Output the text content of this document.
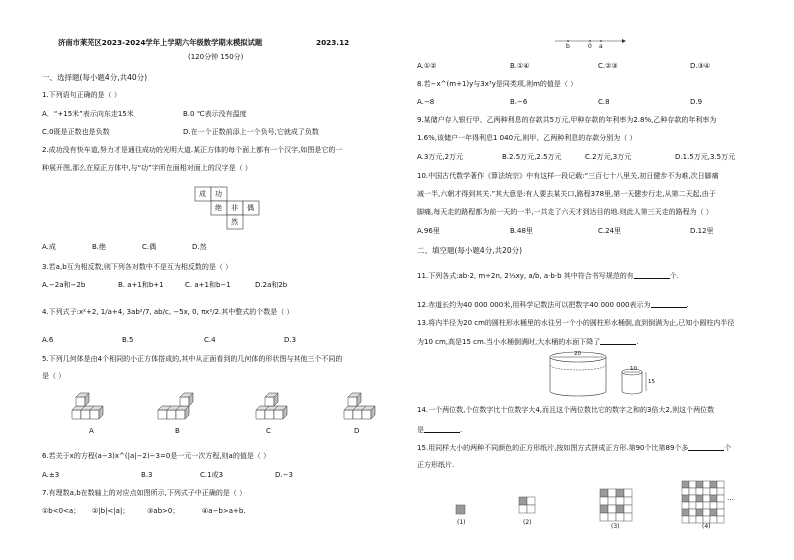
济南市莱芜区2023-2024学年上学期六年级数学期末模拟试题	2023.12
(120分钟 150分)
一、选择题(每小题4分,共40分)
1.下列语句正确的是（ ）
A．“+15米”表示向东走15米	B.0 ℃表示没有温度
C.0既是正数也是负数	D.在一个正数前添上一个负号,它就成了负数
2.成功没有快车道,努力才是通往成功的光明大道.某正方体的每个面上都有一个汉字,如图是它的一
种展开图,那么在原正方体中,与“功”字所在面相对面上的汉字是（ ）
成 功
绝 非 偶
然
A.成	B.绝	C.偶	D.然
3.若a,b互为相反数,则下列各对数中不是互为相反数的是（ ）
A.−2a和−2b	B. a+1和b+1	C. a+1和b−1	D.2a和2b
4.下列式子:x²+2, 1/a+4, 3ab²/7, ab/c, −5x, 0, πx²/2.其中整式的个数是（ ）
A.6	B.5	C.4	D.3
5.下列几何体是由4个相同的小正方体搭成的,其中从正面看到的几何体的形状图与其他三个不同的
是（ ）
A	B	C	D
6.若关于x的方程(a−3)x^(|a|−2)−3=0是一元一次方程,则a的值是（ ）
A.±3	B.3	C.1或3	D.−3
7.有理数a,b在数轴上的对应点如图所示,下列式子中正确的是（ ）
①b<0<a； ②|b|<|a|；	③ab>0；	④a−b>a+b.
b	0 a
A.①②	B.①④	C.②③	D.③④
8.若−x^(m+1)y与3x³y是同类项,则m的值是（ ）
A.−8	B.−6	C.8	D.9
9.某储户存入银行甲、乙两种利息的存款共5万元,甲种存款的年利率为2.8%,乙种存款的年利率为
1.6%,该储户一年得利息1 040元,则甲、乙两种利息的存款分别为（ ）
A.3万元,2万元	B.2.5万元,2.5万元	C.2万元,3万元	D.1.5万元,3.5万元
10.中国古代数学著作《算法统宗》中有这样一段记载:“三百七十八里关,初日健步不为难,次日脚痛
减一半,六朝才得到其关.”其大意是:有人要去某关口,路程378里,第一天健步行走,从第二天起,由于
脚痛,每天走的路程都为前一天的一半,一共走了六天才到达目的地.则此人第三天走的路程为（ ）
A.96里	B.48里	C.24里	D.12里
二、填空题(每小题4分,共20分)
11.下列各式:ab·2, m÷2n, 2⅓xy, a/b, a·b·b 其中符合书写规范的有	个.
12.赤道长约为40 000 000米,用科学记数法可以把数字40 000 000表示为	.
13.将内半径为20 cm的圆柱形水桶里的水往另一个小的圆柱形水桶倒,直到倒满为止,已知小圆柱内半径
为10 cm,高是15 cm.当小水桶倒满时,大水桶的水面下降了	.
20
10
15
14.一个两位数,个位数字比十位数字大4,而且这个两位数比它的数字之和的3倍大2,则这个两位数
是	.
15.用同样大小的两种不同颜色的正方形纸片,按如图方式拼成正方形.第90个比第89个多	个
正方形纸片.
…
(1)	(2)
(3)	(4)
